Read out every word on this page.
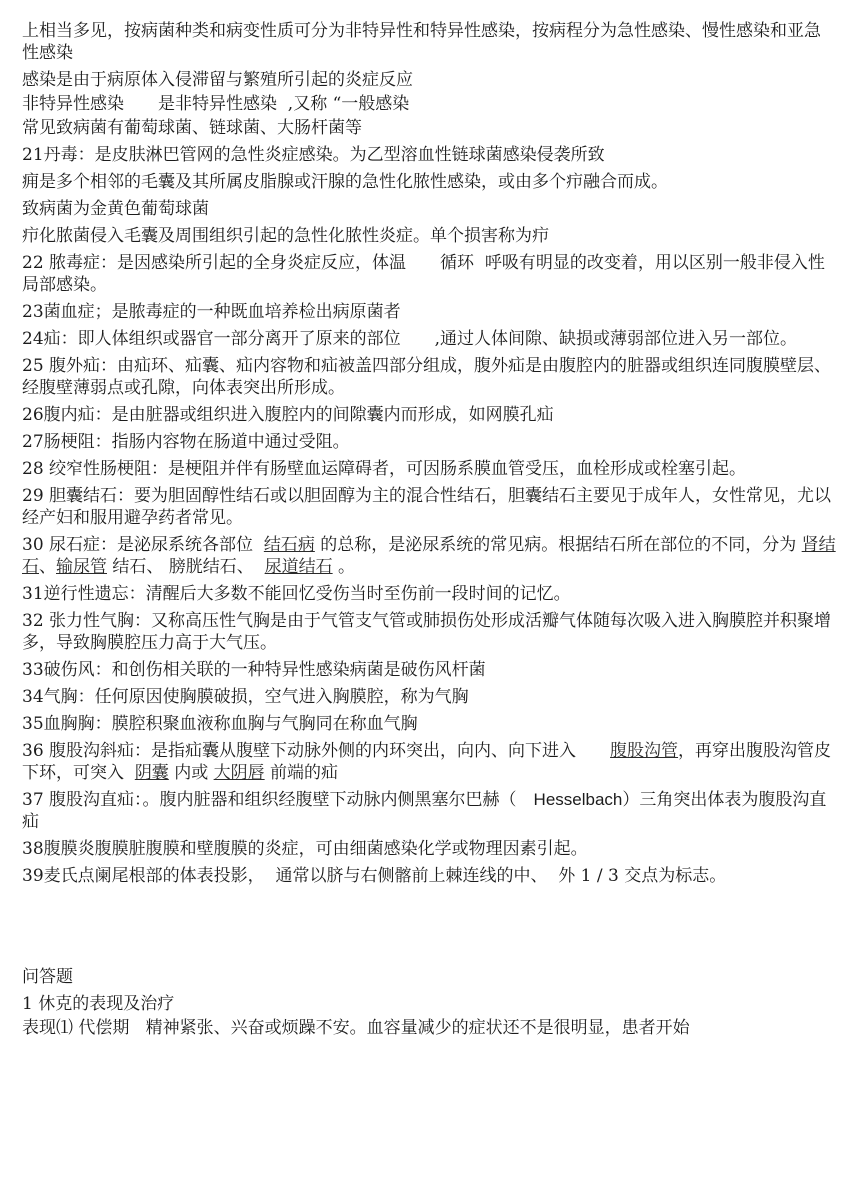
上相当多见，按病菌种类和病变性质可分为非特异性和特异性感染，按病程分为急性感染、慢性感染和亚急性感染

感染是由于病原体入侵滞留与繁殖所引起的炎症反应

非特异性感染　　是非特异性感染  ,又称 “一般感染

常见致病菌有葡萄球菌、链球菌、大肠杆菌等

21丹毒：是皮肤淋巴管网的急性炎症感染。为乙型溶血性链球菌感染侵袭所致

痈是多个相邻的毛囊及其所属皮脂腺或汗腺的急性化脓性感染，或由多个疖融合而成。

致病菌为金黄色葡萄球菌

疖化脓菌侵入毛囊及周围组织引起的急性化脓性炎症。单个损害称为疖

22 脓毒症：是因感染所引起的全身炎症反应，体温　　循环  呼吸有明显的改变着，用以区别一般非侵入性局部感染。

23菌血症；是脓毒症的一种既血培养检出病原菌者

24疝：即人体组织或器官一部分离开了原来的部位　　,通过人体间隙、缺损或薄弱部位进入另一部位。

25 腹外疝：由疝环、疝囊、疝内容物和疝被盖四部分组成，腹外疝是由腹腔内的脏器或组织连同腹膜壁层、经腹壁薄弱点或孔隙，向体表突出所形成。

26腹内疝：是由脏器或组织进入腹腔内的间隙囊内而形成，如网膜孔疝

27肠梗阻：指肠内容物在肠道中通过受阻。

28 绞窄性肠梗阻：是梗阻并伴有肠壁血运障碍者，可因肠系膜血管受压，血栓形成或栓塞引起。

29 胆囊结石：要为胆固醇性结石或以胆固醇为主的混合性结石，胆囊结石主要见于成年人，女性常见，尤以经产妇和服用避孕药者常见。

30 尿石症：是泌尿系统各部位  结石病 的总称，是泌尿系统的常见病。根据结石所在部位的不同，分为 肾结石、输尿管 结石、 膀胱结石、  尿道结石 。

31逆行性遗忘：清醒后大多数不能回忆受伤当时至伤前一段时间的记忆。

32 张力性气胸：又称高压性气胸是由于气管支气管或肺损伤处形成活瓣气体随每次吸入进入胸膜腔并积聚增多，导致胸膜腔压力高于大气压。

33破伤风：和创伤相关联的一种特异性感染病菌是破伤风杆菌

34气胸：任何原因使胸膜破损，空气进入胸膜腔，称为气胸

35血胸胸：膜腔积聚血液称血胸与气胸同在称血气胸

36 腹股沟斜疝：是指疝囊从腹壁下动脉外侧的内环突出，向内、向下进入　　腹股沟管，再穿出腹股沟管皮下环，可突入  阴囊 内或 大阴唇 前端的疝

37 腹股沟直疝：。腹内脏器和组织经腹壁下动脉内侧黑塞尔巴赫（　Hesselbach）三角突出体表为腹股沟直疝

38腹膜炎腹膜脏腹膜和壁腹膜的炎症，可由细菌感染化学或物理因素引起。

39麦氏点阑尾根部的体表投影，  通常以脐与右侧髂前上棘连线的中、  外 1 / 3 交点为标志。

问答题

1 休克的表现及治疗

表现⑴ 代偿期   精神紧张、兴奋或烦躁不安。血容量减少的症状还不是很明显，患者开始
